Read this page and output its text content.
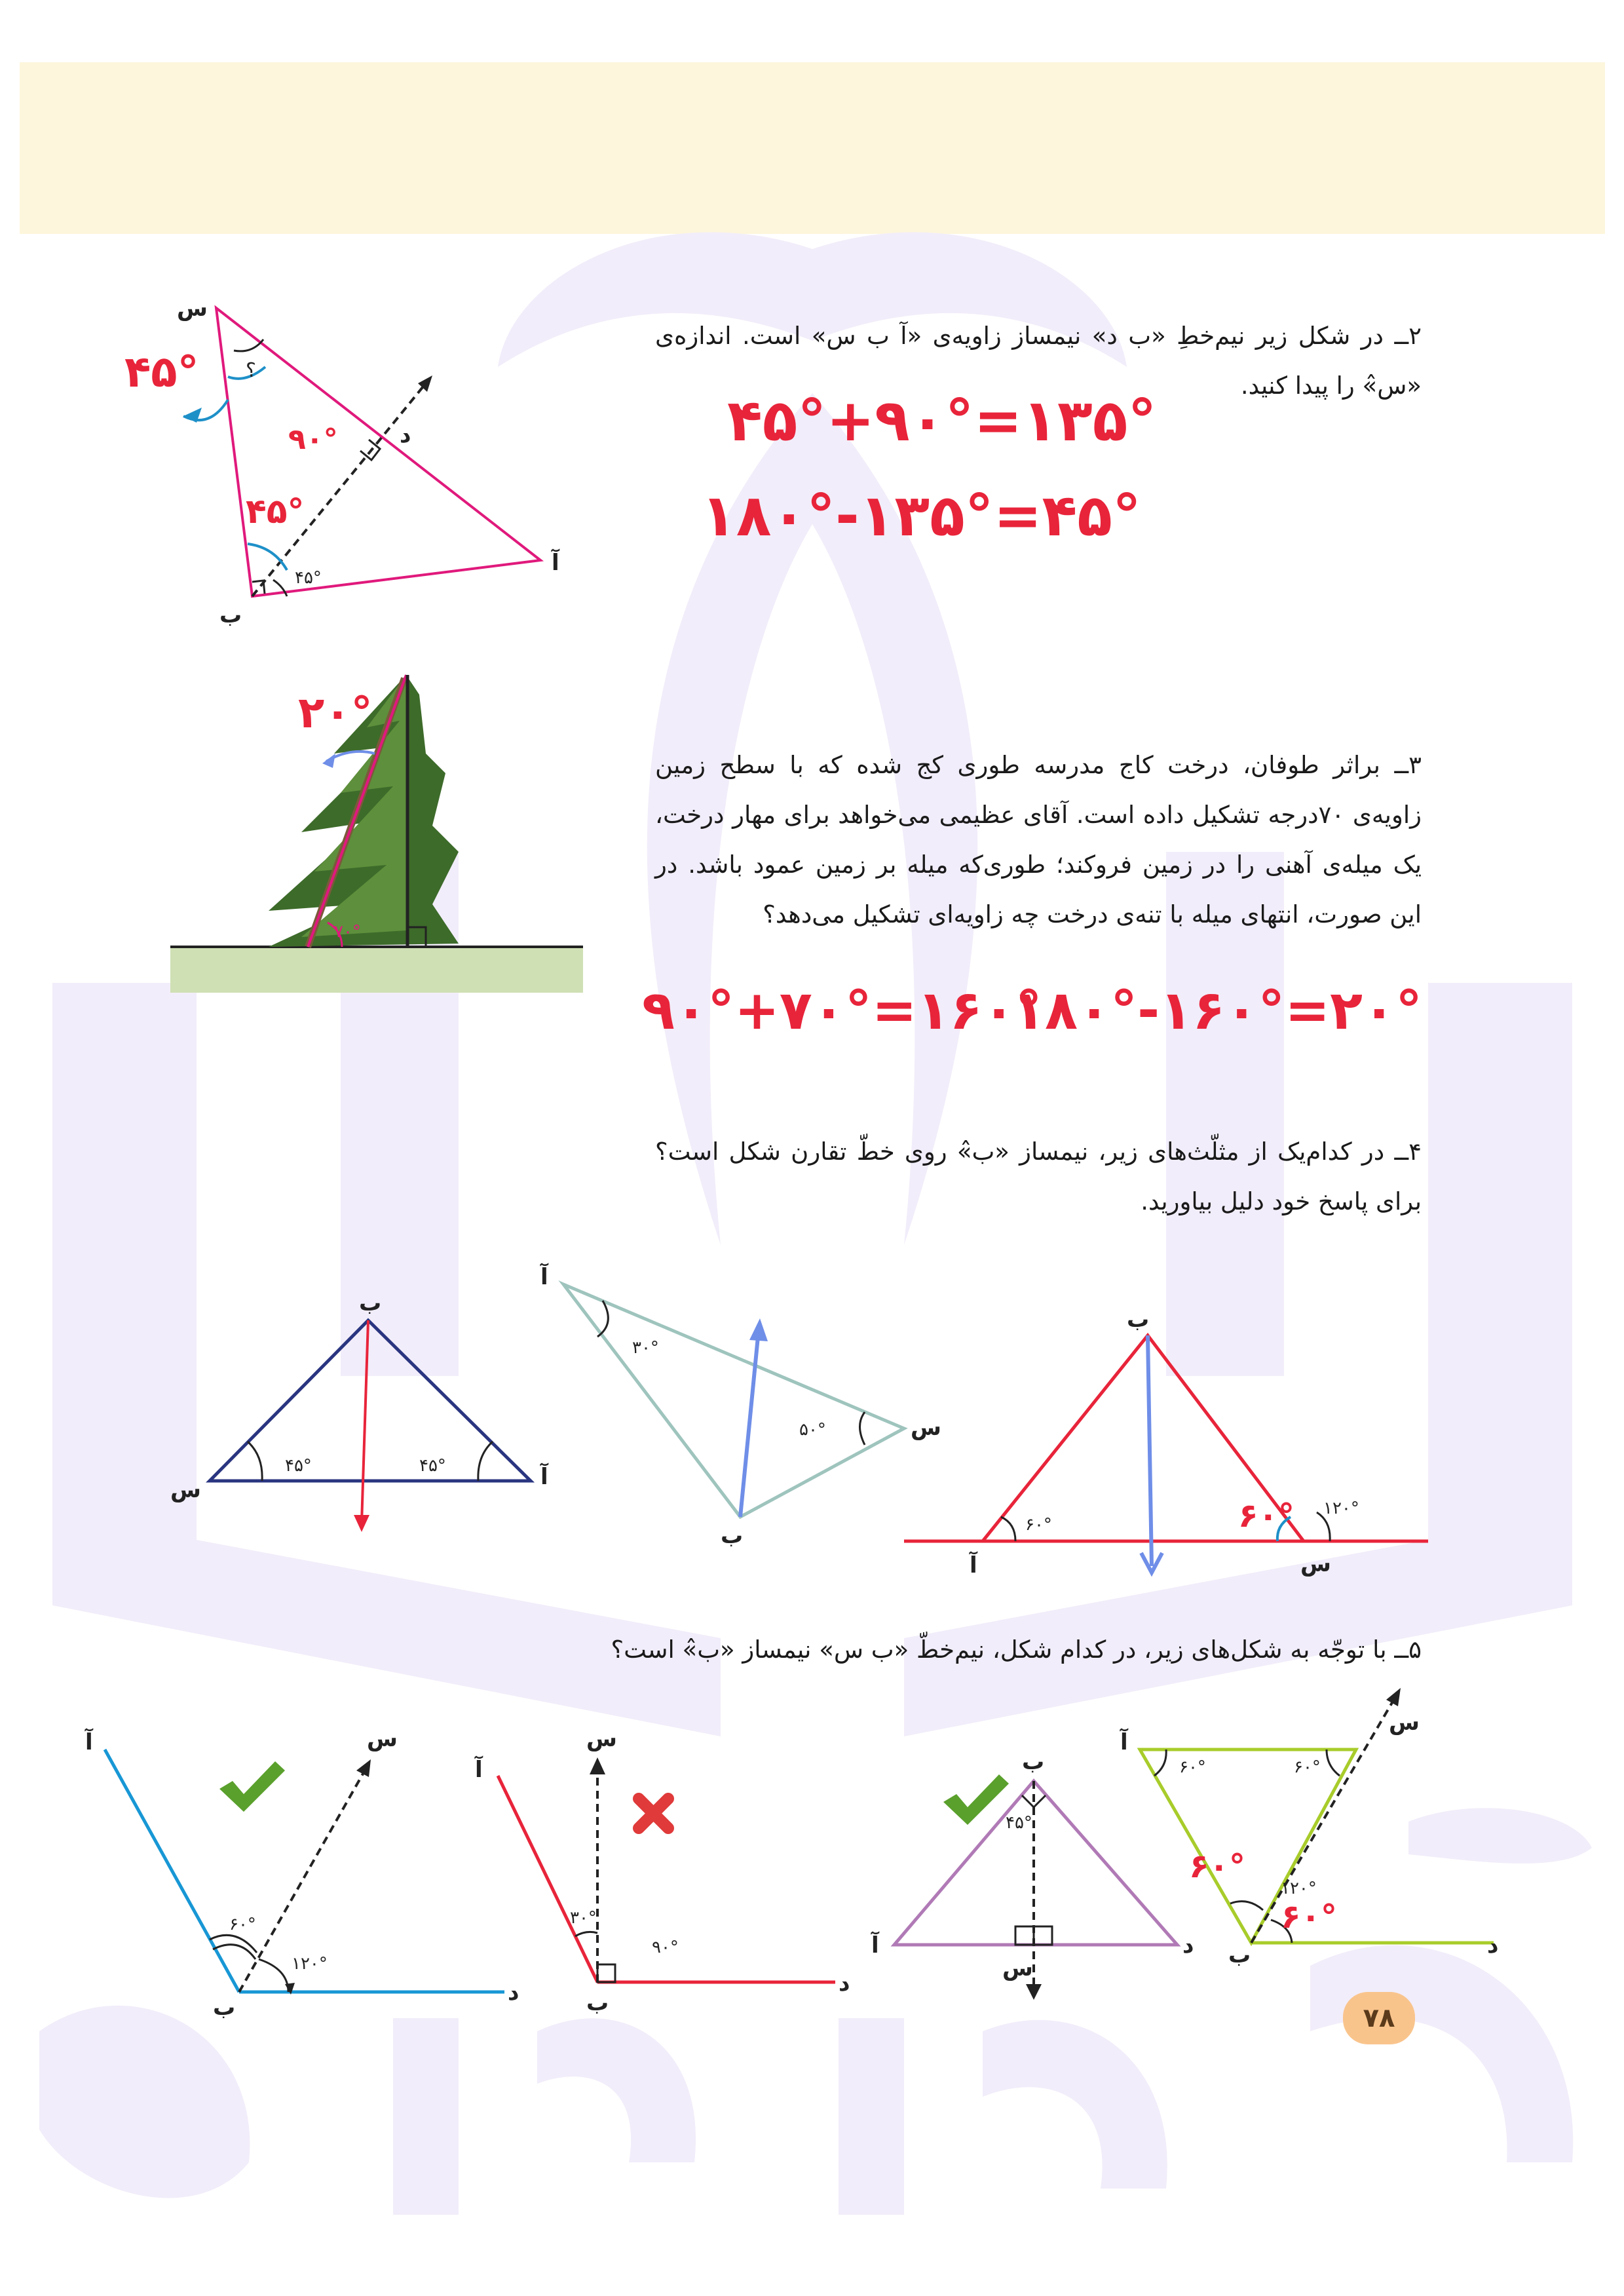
۲ــ در شکل زیر نیم‌خطِ «ب د» نیمساز زاویه‌ی «آ ب س» است. اندازه‌ی «س̂» را پیدا کنید.
۴۵°+۹۰°=۱۳۵°
۱۸۰°-۱۳۵°=۴۵°
س
آ
ب
د
؟
۴۵°
۴۵°
۹۰°
۴۵°
۳ــ براثر طوفان، درخت کاج مدرسه طوری کج شده که با سطح زمین زاویه‌ی ۷۰درجه تشکیل داده است. آقای عظیمی می‌خواهد برای مهار درخت، یک میله‌ی آهنی را در زمین فروکند؛ طوری‌که میله بر زمین عمود باشد. در این صورت، انتهای میله با تنه‌ی درخت چه زاویه‌ای تشکیل می‌دهد؟
۹۰°+۷۰°=۱۶۰°
۱۸۰°-۱۶۰°=۲۰°
۷۰°
۲۰°
۴ــ در کدام‌یک از مثلّث‌های زیر، نیمساز «ب̂» روی خطّ تقارن شکل است؟ برای پاسخ خود دلیل بیاورید.
ب
س	آ
۴۵°	۴۵°
آ
س
ب
۳۰°
۵۰°
ب
آ	س
۶۰°
۱۲۰°
۶۰°
۵ــ با توجّه به شکل‌های زیر، در کدام شکل، نیم‌خطّ «ب س» نیمساز «ب̂» است؟
آ	س
ب
د
۶۰°
۱۲۰°
آ
س
ب
د
۳۰°
۹۰°
ب
آ
س
د
۴۵°
آ
س
ب	د
۶۰°	۶۰°
۱۲۰°
۶۰°
۶۰°
۷۸
